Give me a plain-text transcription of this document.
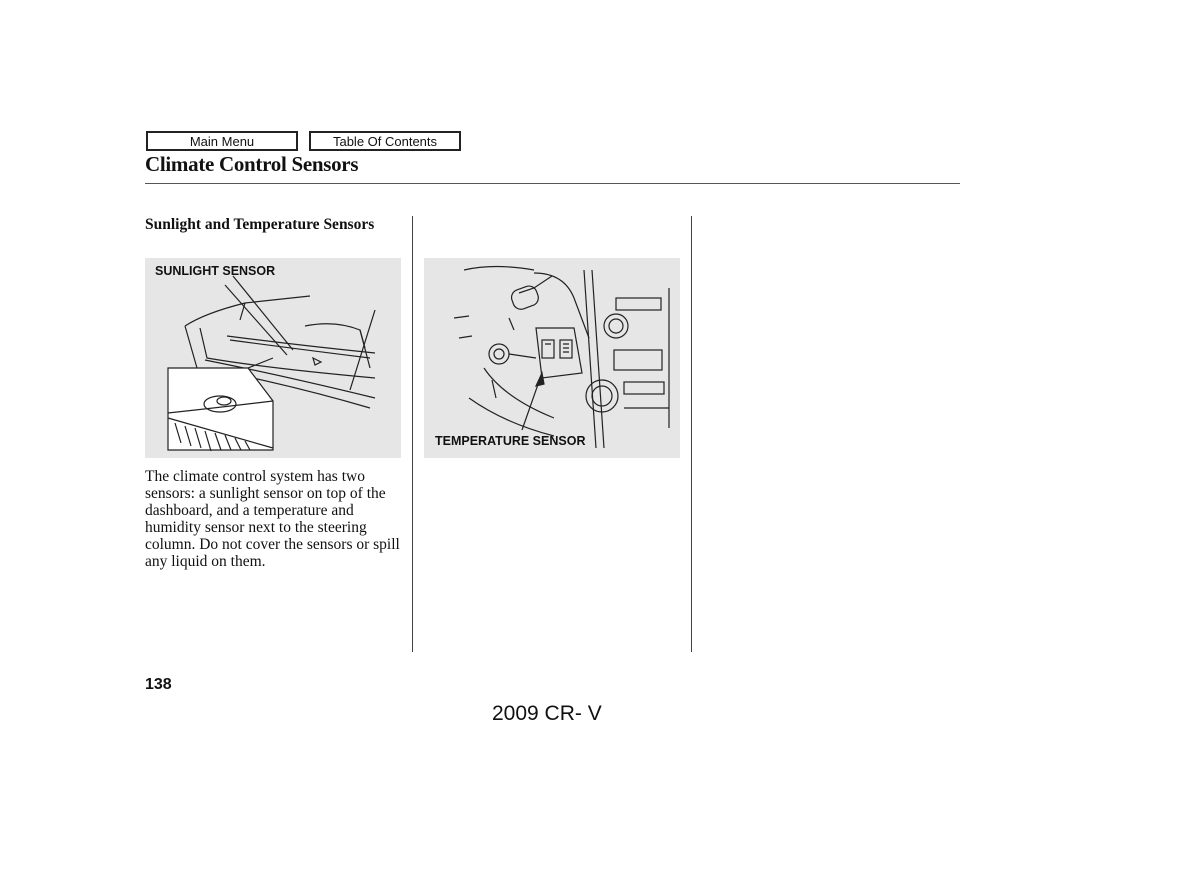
Main Menu	Table Of Contents
Climate Control Sensors
Sunlight and Temperature Sensors
SUNLIGHT SENSOR
TEMPERATURE SENSOR
The climate control system has two sensors: a sunlight sensor on top of the dashboard, and a temperature and humidity sensor next to the steering column. Do not cover the sensors or spill any liquid on them.
138
2009 CR- V
